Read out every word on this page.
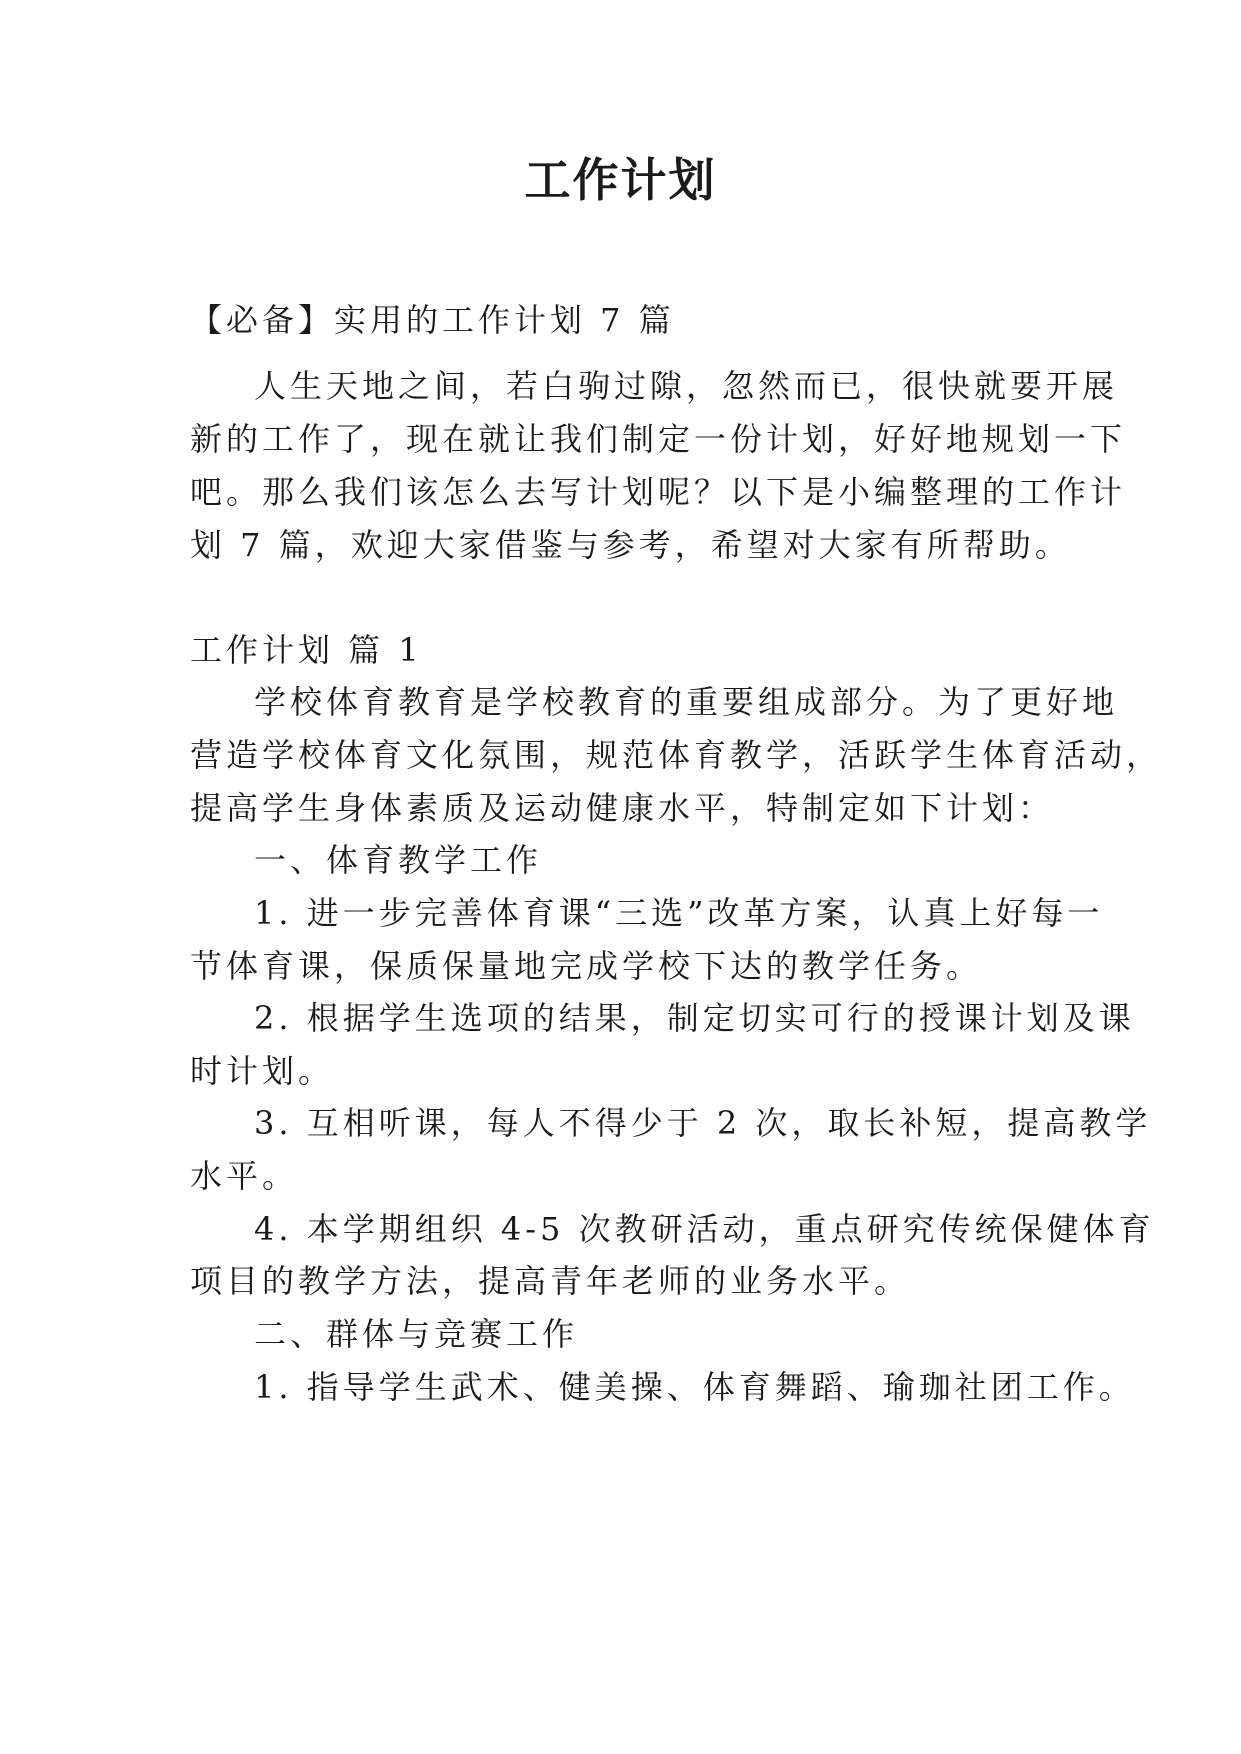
工作计划
【必备】实用的工作计划 7 篇
人生天地之间，若白驹过隙，忽然而已，很快就要开展
新的工作了，现在就让我们制定一份计划，好好地规划一下
吧。那么我们该怎么去写计划呢？以下是小编整理的工作计
划 7 篇，欢迎大家借鉴与参考，希望对大家有所帮助。
工作计划 篇 1
学校体育教育是学校教育的重要组成部分。为了更好地
营造学校体育文化氛围，规范体育教学，活跃学生体育活动，
提高学生身体素质及运动健康水平，特制定如下计划：
一、体育教学工作
1. 进一步完善体育课“三选”改革方案，认真上好每一
节体育课，保质保量地完成学校下达的教学任务。
2. 根据学生选项的结果，制定切实可行的授课计划及课
时计划。
3. 互相听课，每人不得少于 2 次，取长补短，提高教学
水平。
4. 本学期组织 4-5 次教研活动，重点研究传统保健体育
项目的教学方法，提高青年老师的业务水平。
二、群体与竞赛工作
1. 指导学生武术、健美操、体育舞蹈、瑜珈社团工作。
